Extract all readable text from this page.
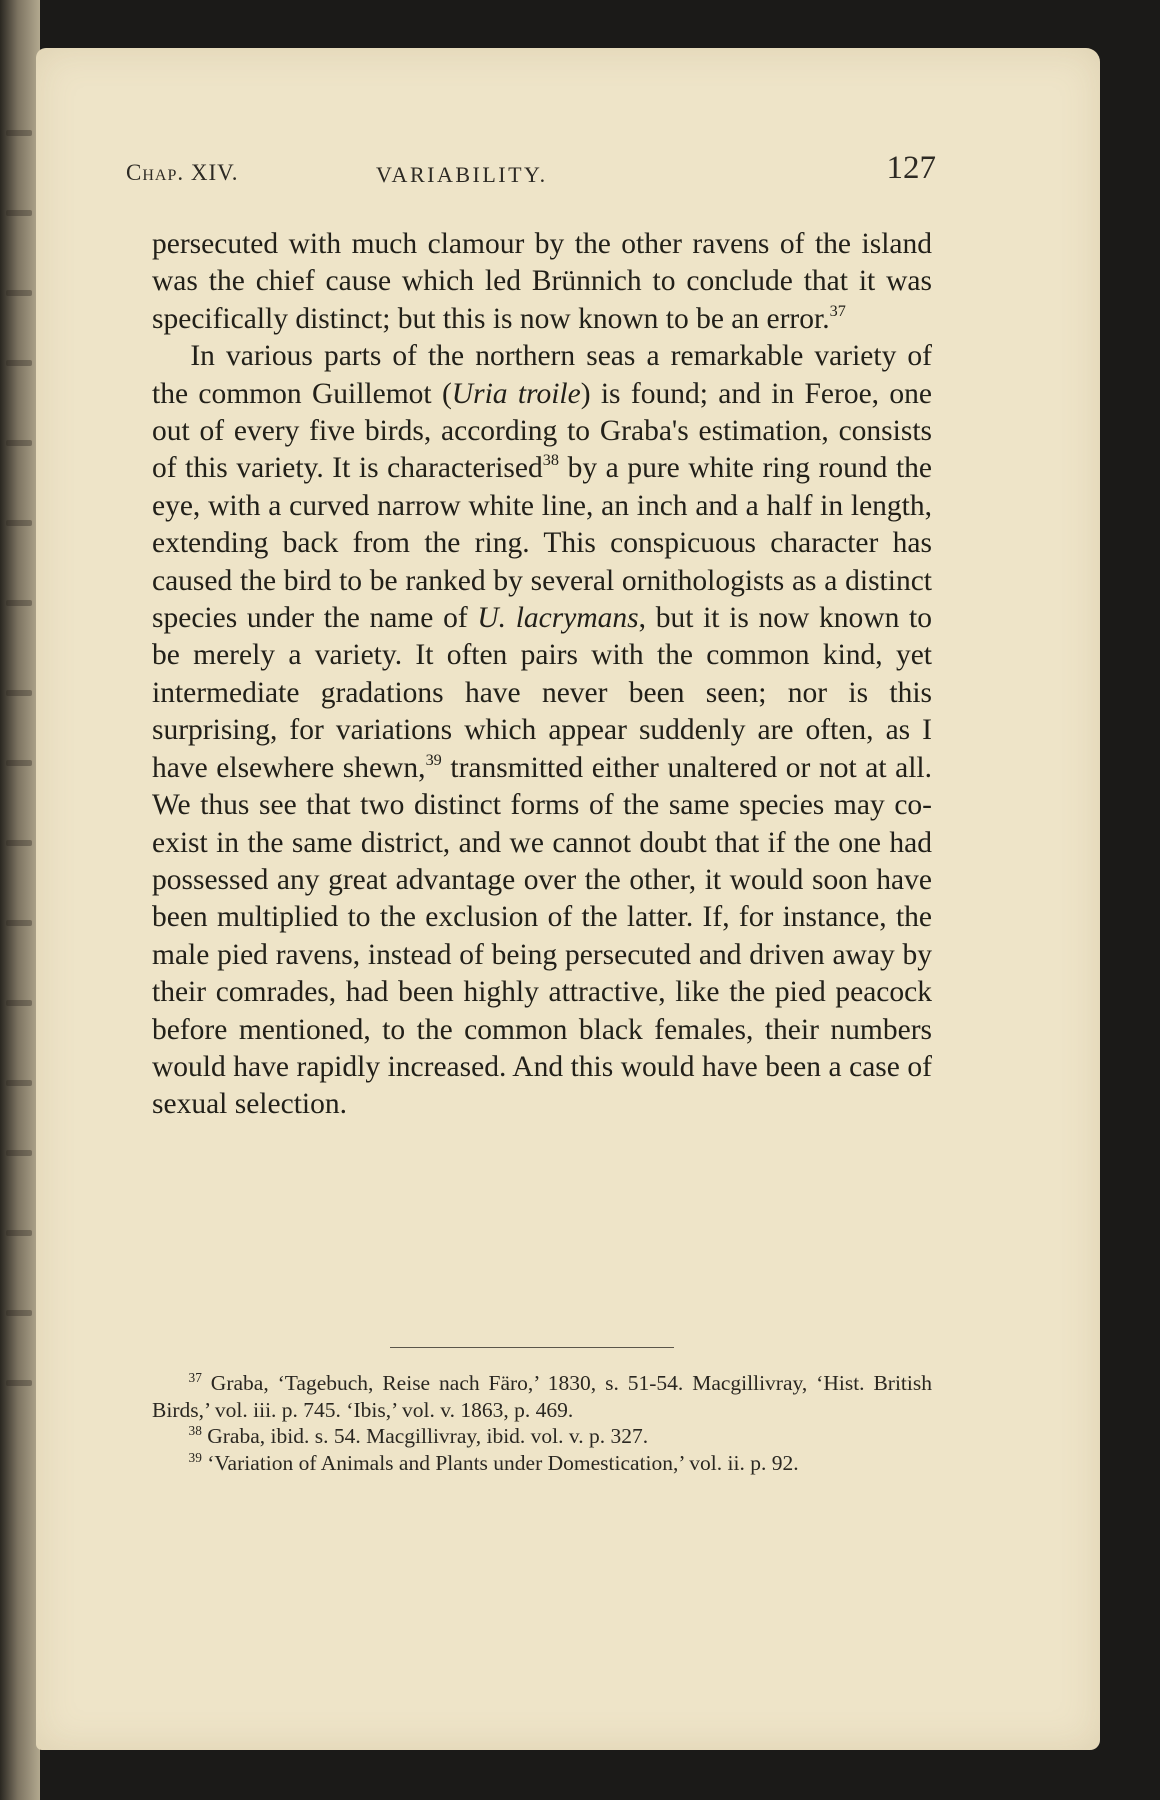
Chap. XIV.	VARIABILITY.	127

persecuted with much clamour by the other ravens of the island was the chief cause which led Brünnich to conclude that it was specifically distinct; but this is now known to be an error.$^{37}$

In various parts of the northern seas a remarkable variety of the common Guillemot (Uria troile) is found; and in Feroe, one out of every five birds, according to Graba's estimation, consists of this variety. It is characterised$^{38}$ by a pure white ring round the eye, with a curved narrow white line, an inch and a half in length, extending back from the ring. This conspicuous character has caused the bird to be ranked by several ornithologists as a distinct species under the name of U. lacrymans, but it is now known to be merely a variety. It often pairs with the common kind, yet intermediate gradations have never been seen; nor is this surprising, for variations which appear suddenly are often, as I have elsewhere shewn,$^{39}$ transmitted either unaltered or not at all. We thus see that two distinct forms of the same species may co-exist in the same district, and we cannot doubt that if the one had possessed any great advantage over the other, it would soon have been multiplied to the exclusion of the latter. If, for instance, the male pied ravens, instead of being persecuted and driven away by their comrades, had been highly attractive, like the pied peacock before mentioned, to the common black females, their numbers would have rapidly increased. And this would have been a case of sexual selection.

$^{37}$ Graba, ‘Tagebuch, Reise nach Färo,’ 1830, s. 51-54. Macgillivray, ‘Hist. British Birds,’ vol. iii. p. 745. ‘Ibis,’ vol. v. 1863, p. 469.

$^{38}$ Graba, ibid. s. 54. Macgillivray, ibid. vol. v. p. 327.

$^{39}$ ‘Variation of Animals and Plants under Domestication,’ vol. ii. p. 92.
